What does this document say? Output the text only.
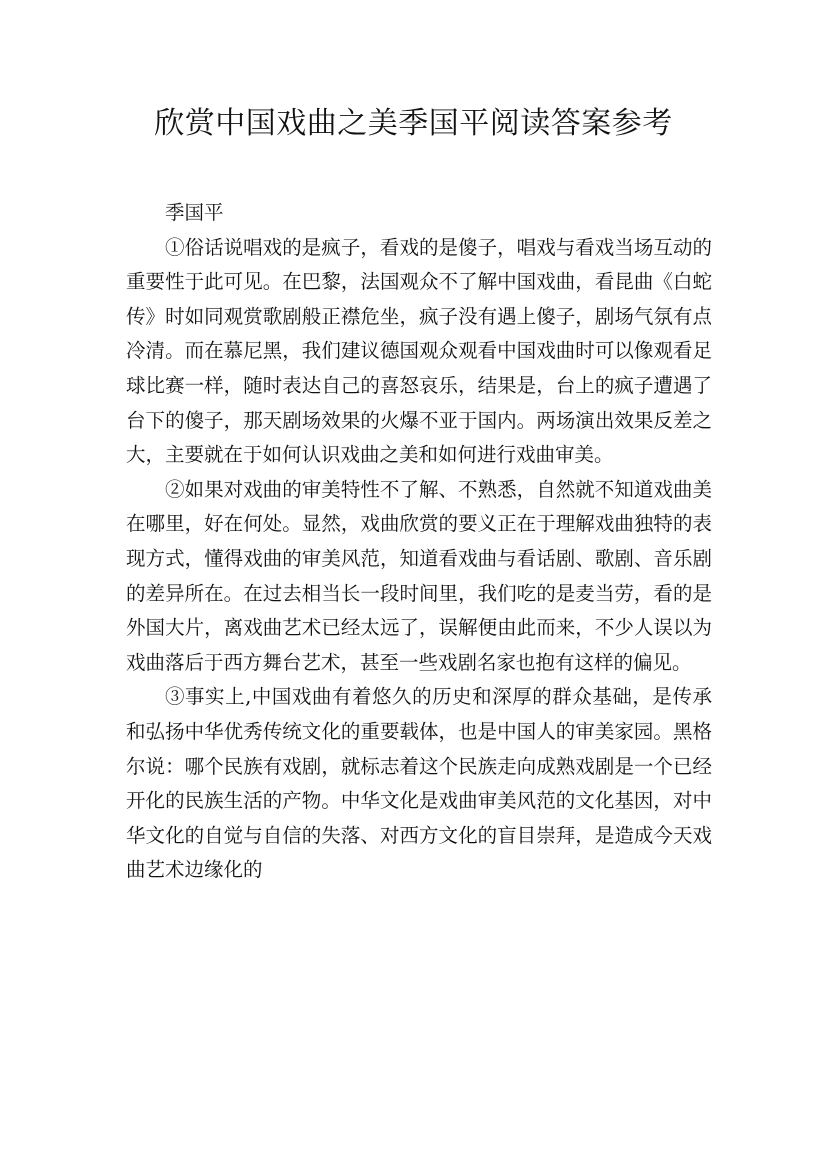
欣赏中国戏曲之美季国平阅读答案参考

季国平

①俗话说唱戏的是疯子，看戏的是傻子，唱戏与看戏当场互动的重要性于此可见。在巴黎，法国观众不了解中国戏曲，看昆曲《白蛇传》时如同观赏歌剧般正襟危坐，疯子没有遇上傻子，剧场气氛有点冷清。而在慕尼黑，我们建议德国观众观看中国戏曲时可以像观看足球比赛一样，随时表达自己的喜怒哀乐，结果是，台上的疯子遭遇了台下的傻子，那天剧场效果的火爆不亚于国内。两场演出效果反差之大，主要就在于如何认识戏曲之美和如何进行戏曲审美。

②如果对戏曲的审美特性不了解、不熟悉，自然就不知道戏曲美在哪里，好在何处。显然，戏曲欣赏的要义正在于理解戏曲独特的表现方式，懂得戏曲的审美风范，知道看戏曲与看话剧、歌剧、音乐剧的差异所在。在过去相当长一段时间里，我们吃的是麦当劳，看的是外国大片，离戏曲艺术已经太远了，误解便由此而来，不少人误以为戏曲落后于西方舞台艺术，甚至一些戏剧名家也抱有这样的偏见。

③事实上,中国戏曲有着悠久的历史和深厚的群众基础，是传承和弘扬中华优秀传统文化的重要载体，也是中国人的审美家园。黑格尔说：哪个民族有戏剧，就标志着这个民族走向成熟戏剧是一个已经开化的民族生活的产物。中华文化是戏曲审美风范的文化基因，对中华文化的自觉与自信的失落、对西方文化的盲目崇拜，是造成今天戏曲艺术边缘化的
